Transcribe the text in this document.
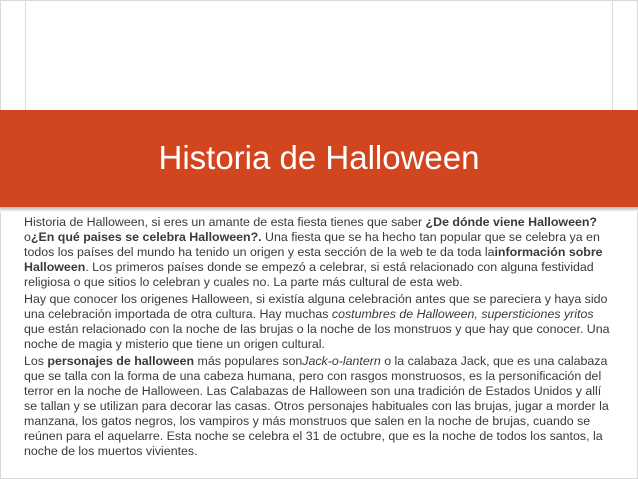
Historia de Halloween

Historia de Halloween, si eres un amante de esta fiesta tienes que saber ¿De dónde viene Halloween? o¿En qué paises se celebra Halloween?. Una fiesta que se ha hecho tan popular que se celebra ya en todos los países del mundo ha tenido un origen y esta sección de la web te da toda lainformación sobre Halloween. Los primeros países donde se empezó a celebrar, si está relacionado con alguna festividad religiosa o que sitios lo celebran y cuales no. La parte más cultural de esta web.

Hay que conocer los origenes Halloween, si existía alguna celebración antes que se pareciera y haya sido una celebración importada de otra cultura. Hay muchas costumbres de Halloween, supersticiones yritos que están relacionado con la noche de las brujas o la noche de los monstruos y que hay que conocer. Una noche de magia y misterio que tiene un origen cultural.

Los personajes de halloween más populares sonJack-o-lantern o la calabaza Jack, que es una calabaza que se talla con la forma de una cabeza humana, pero con rasgos monstruosos, es la personificación del terror en la noche de Halloween. Las Calabazas de Halloween son una tradición de Estados Unidos y allí se tallan y se utilizan para decorar las casas. Otros personajes habituales con las brujas, jugar a morder la manzana, los gatos negros, los vampiros y más monstruos que salen en la noche de brujas, cuando se reúnen para el aquelarre. Esta noche se celebra el 31 de octubre, que es la noche de todos los santos, la noche de los muertos vivientes.
